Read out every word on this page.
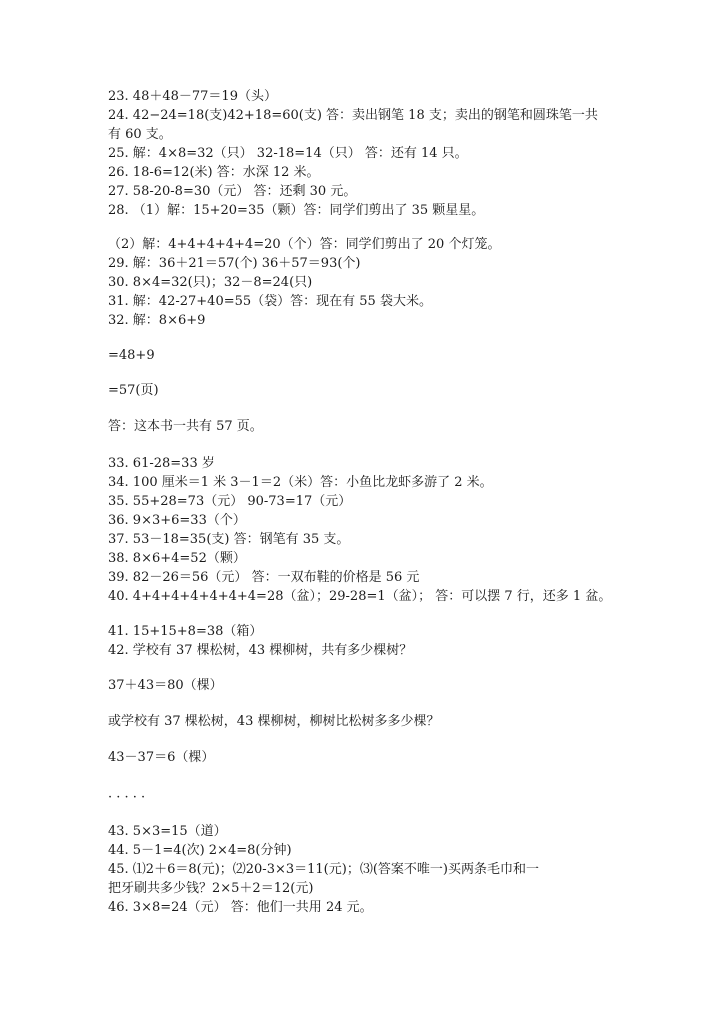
23. 48＋48－77＝19（头）
24. 42−24=18(支)42+18=60(支) 答：卖出钢笔 18 支；卖出的钢笔和圆珠笔一共
有 60 支。
25. 解：4×8=32（只） 32-18=14（只） 答：还有 14 只。
26. 18-6=12(米) 答：水深 12 米。
27. 58-20-8=30（元） 答：还剩 30 元。
28. （1）解：15+20=35（颗）答：同学们剪出了 35 颗星星。
（2）解：4+4+4+4+4=20（个）答：同学们剪出了 20 个灯笼。
29. 解：36＋21＝57(个) 36＋57＝93(个)
30. 8×4=32(只)；32－8=24(只)
31. 解：42-27+40=55（袋）答：现在有 55 袋大米。
32. 解：8×6+9
=48+9
=57(页)
答：这本书一共有 57 页。
33. 61-28=33 岁
34. 100 厘米＝1 米 3－1＝2（米）答：小鱼比龙虾多游了 2 米。
35. 55+28=73（元） 90-73=17（元）
36. 9×3+6=33（个）
37. 53－18=35(支) 答：钢笔有 35 支。
38. 8×6+4=52（颗）
39. 82－26＝56（元） 答：一双布鞋的价格是 56 元
40. 4+4+4+4+4+4+4=28（盆）；29-28=1（盆）； 答：可以摆 7 行，还多 1 盆。
41. 15+15+8=38（箱）
42. 学校有 37 棵松树，43 棵柳树，共有多少棵树？
37＋43＝80（棵）
或学校有 37 棵松树，43 棵柳树，柳树比松树多多少棵？
43－37＝6（棵）
· · · · ·
43. 5×3=15（道）
44. 5－1=4(次) 2×4=8(分钟)
45. ⑴2＋6＝8(元)；⑵20-3×3＝11(元)；⑶(答案不唯一)买两条毛巾和一
把牙刷共多少钱？2×5＋2＝12(元)
46. 3×8=24（元） 答：他们一共用 24 元。
